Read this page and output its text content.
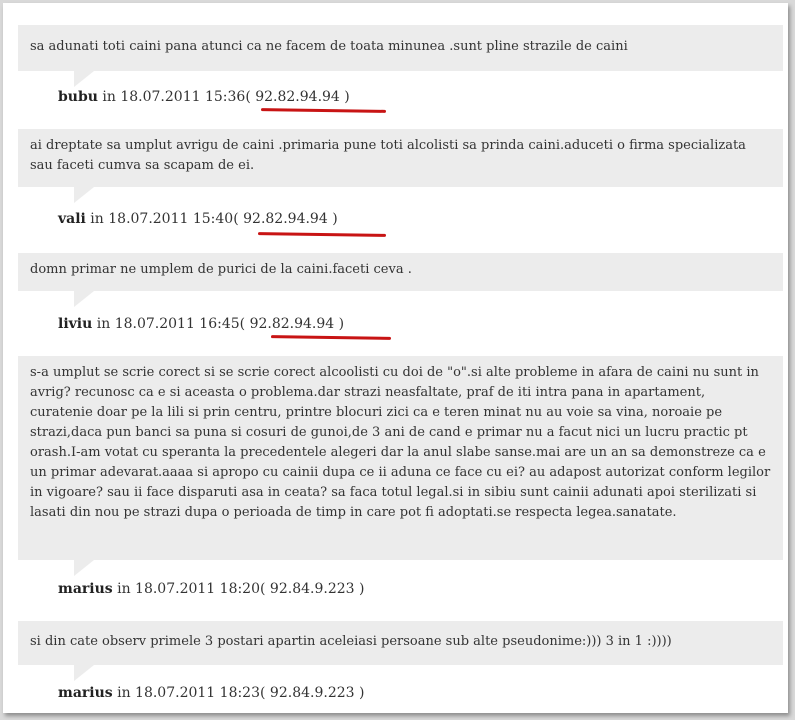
sa adunati toti caini pana atunci ca ne facem de toata minunea .sunt pline strazile de caini
bubu in 18.07.2011 15:36( 92.82.94.94 )
ai dreptate sa umplut avrigu de caini .primaria pune toti alcolisti sa prinda caini.aduceti o firma specializata sau faceti cumva sa scapam de ei.
vali in 18.07.2011 15:40( 92.82.94.94 )
domn primar ne umplem de purici de la caini.faceti ceva .
liviu in 18.07.2011 16:45( 92.82.94.94 )
s-a umplut se scrie corect si se scrie corect alcoolisti cu doi de "o".si alte probleme in afara de caini nu sunt in avrig? recunosc ca e si aceasta o problema.dar strazi neasfaltate, praf de iti intra pana in apartament, curatenie doar pe la lili si prin centru, printre blocuri zici ca e teren minat nu au voie sa vina, noroaie pe strazi,daca pun banci sa puna si cosuri de gunoi,de 3 ani de cand e primar nu a facut nici un lucru practic pt orash.I-am votat cu speranta la precedentele alegeri dar la anul slabe sanse.mai are un an sa demonstreze ca e un primar adevarat.aaaa si apropo cu cainii dupa ce ii aduna ce face cu ei? au adapost autorizat conform legilor in vigoare? sau ii face disparuti asa in ceata? sa faca totul legal.si in sibiu sunt cainii adunati apoi sterilizati si lasati din nou pe strazi dupa o perioada de timp in care pot fi adoptati.se respecta legea.sanatate.
marius in 18.07.2011 18:20( 92.84.9.223 )
si din cate observ primele 3 postari apartin aceleiasi persoane sub alte pseudonime:))) 3 in 1 :))))
marius in 18.07.2011 18:23( 92.84.9.223 )
